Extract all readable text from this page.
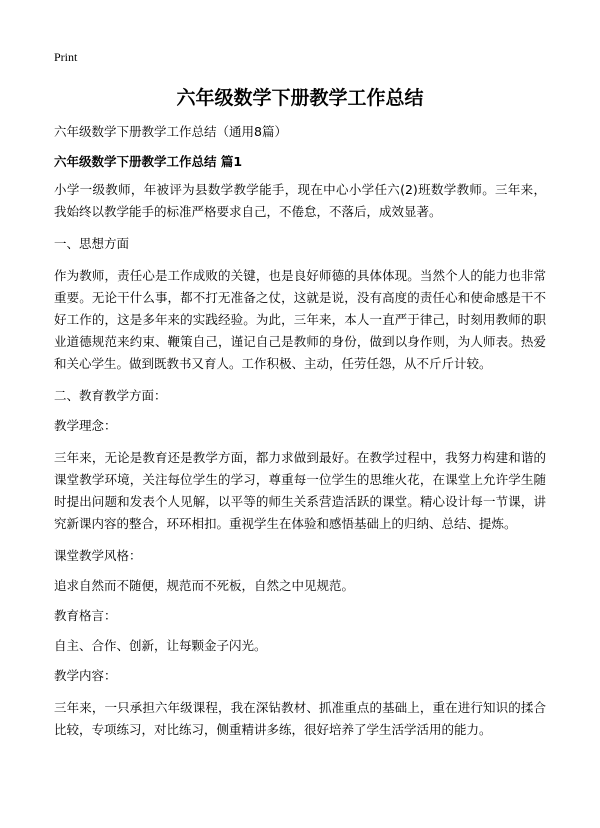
Print
六年级数学下册教学工作总结
六年级数学下册教学工作总结（通用8篇）
六年级数学下册教学工作总结 篇1
小学一级教师，年被评为县数学教学能手，现在中心小学任六(2)班数学教师。三年来，我始终以教学能手的标准严格要求自己，不倦怠，不落后，成效显著。
一、思想方面
作为教师，责任心是工作成败的关键，也是良好师德的具体体现。当然个人的能力也非常重要。无论干什么事，都不打无准备之仗，这就是说，没有高度的责任心和使命感是干不好工作的，这是多年来的实践经验。为此，三年来，本人一直严于律己，时刻用教师的职业道德规范来约束、鞭策自己，谨记自己是教师的身份，做到以身作则，为人师表。热爱和关心学生。做到既教书又育人。工作积极、主动，任劳任怨，从不斤斤计较。
二、教育教学方面：
教学理念：
三年来，无论是教育还是教学方面，都力求做到最好。在教学过程中，我努力构建和谐的课堂教学环境，关注每位学生的学习，尊重每一位学生的思维火花，在课堂上允许学生随时提出问题和发表个人见解，以平等的师生关系营造活跃的课堂。精心设计每一节课，讲究新课内容的整合，环环相扣。重视学生在体验和感悟基础上的归纳、总结、提炼。
课堂教学风格：
追求自然而不随便，规范而不死板，自然之中见规范。
教育格言：
自主、合作、创新，让每颗金子闪光。
教学内容：
三年来，一只承担六年级课程，我在深钻教材、抓准重点的基础上，重在进行知识的揉合比较，专项练习，对比练习，侧重精讲多练，很好培养了学生活学活用的能力。
